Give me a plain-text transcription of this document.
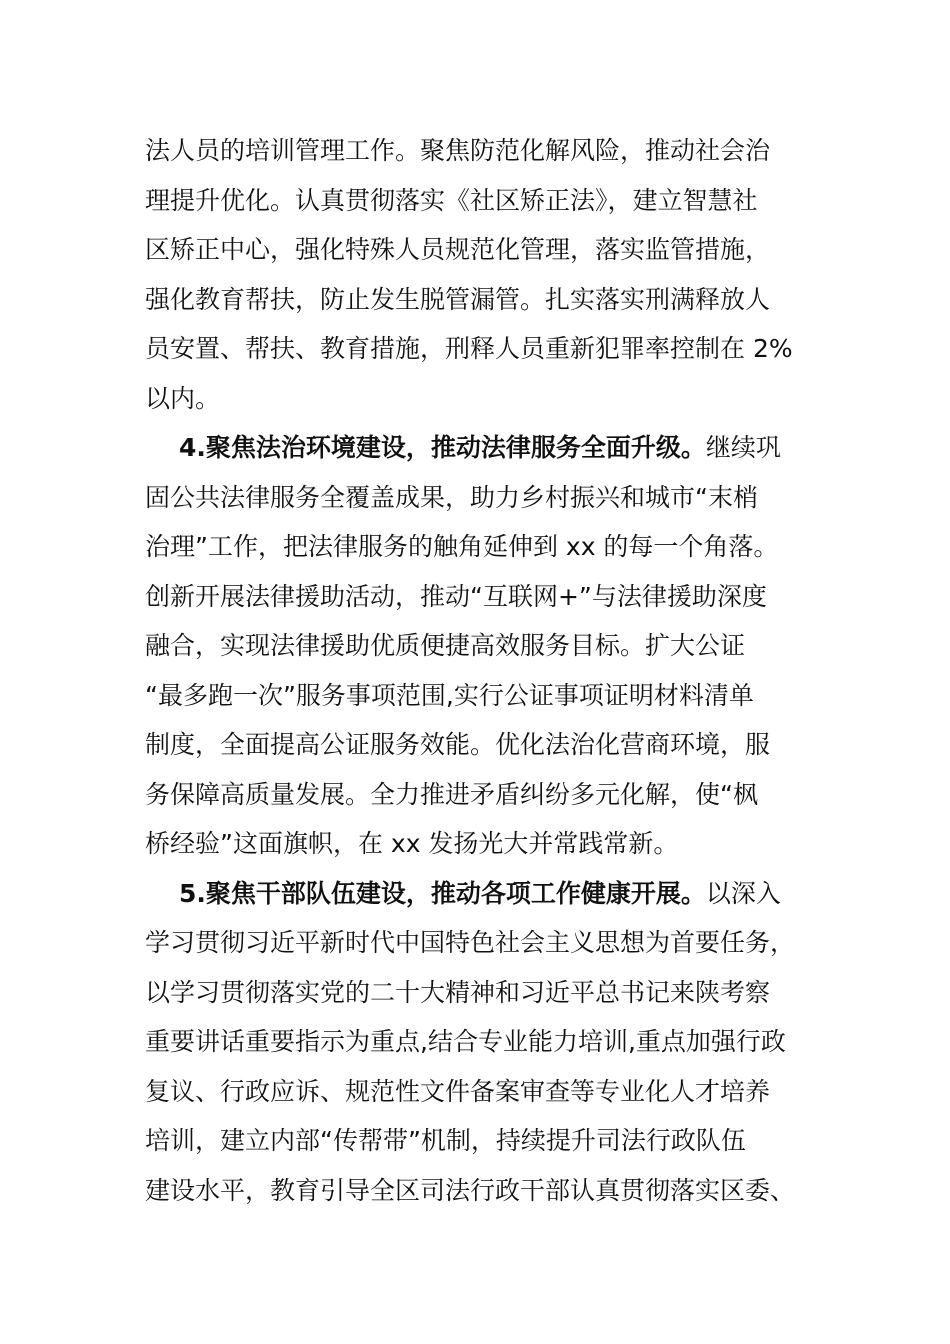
法人员的培训管理工作。聚焦防范化解风险，推动社会治
理提升优化。认真贯彻落实《社区矫正法》，建立智慧社
区矫正中心，强化特殊人员规范化管理，落实监管措施，
强化教育帮扶，防止发生脱管漏管。扎实落实刑满释放人
员安置、帮扶、教育措施，刑释人员重新犯罪率控制在 2%
以内。
4.聚焦法治环境建设，推动法律服务全面升级。继续巩
固公共法律服务全覆盖成果，助力乡村振兴和城市“末梢
治理”工作，把法律服务的触角延伸到 xx 的每一个角落。
创新开展法律援助活动，推动“互联网+”与法律援助深度
融合，实现法律援助优质便捷高效服务目标。扩大公证
“最多跑一次”服务事项范围,实行公证事项证明材料清单
制度，全面提高公证服务效能。优化法治化营商环境，服
务保障高质量发展。全力推进矛盾纠纷多元化解，使“枫
桥经验”这面旗帜，在 xx 发扬光大并常践常新。
5.聚焦干部队伍建设，推动各项工作健康开展。以深入
学习贯彻习近平新时代中国特色社会主义思想为首要任务，
以学习贯彻落实党的二十大精神和习近平总书记来陕考察
重要讲话重要指示为重点,结合专业能力培训,重点加强行政
复议、行政应诉、规范性文件备案审查等专业化人才培养
培训，建立内部“传帮带”机制，持续提升司法行政队伍
建设水平，教育引导全区司法行政干部认真贯彻落实区委、
